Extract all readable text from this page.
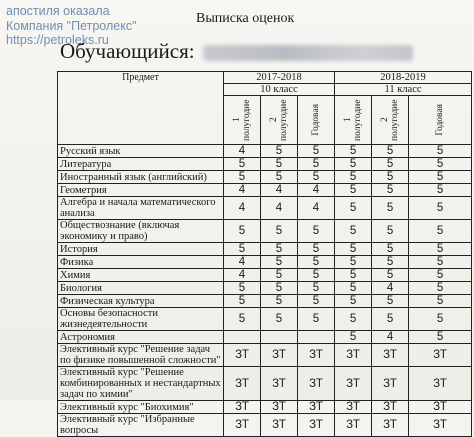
апостиля оказала
Компания "Петролекс"
https://petroleks.ru
Выписка оценок
Обучающийся:
Предмет	2017-2018			2018-2019		
	10 класс			11 класс		

	1 полугодие	2 полугодие	Годовая	1 полугодие	2 полугодие	Годовая

Русский язык	4	5	5	5	5	5
Литература	5	5	5	5	5	5
Иностранный язык (английский)	5	5	5	5	5	5
Геометрия	4	4	4	5	5	5
Алгебра и начала математического анализа	4	4	4	5	5	5
Обществознание (включая экономику и право)	5	5	5	5	5	5
История	5	5	5	5	5	5
Физика	4	5	5	5	5	5
Химия	4	5	5	5	5	5
Биология	5	5	5	5	4	5
Физическая культура	5	5	5	5	5	5
Основы безопасности жизнедеятельности	5	5	5	5	5	5
Астрономия				5	4	5
Элективный курс "Решение задач по физике повышенной сложности"	ЗТ	ЗТ	ЗТ	ЗТ	ЗТ	ЗТ
Элективный курс "Решение комбинированных и нестандартных задач по химии"	ЗТ	ЗТ	ЗТ	ЗТ	ЗТ	ЗТ
Элективный курс "Биохимия"	ЗТ	ЗТ	ЗТ	ЗТ	ЗТ	ЗТ
Элективный курс "Избранные вопросы	ЗТ	ЗТ	ЗТ	ЗТ	ЗТ	ЗТ
